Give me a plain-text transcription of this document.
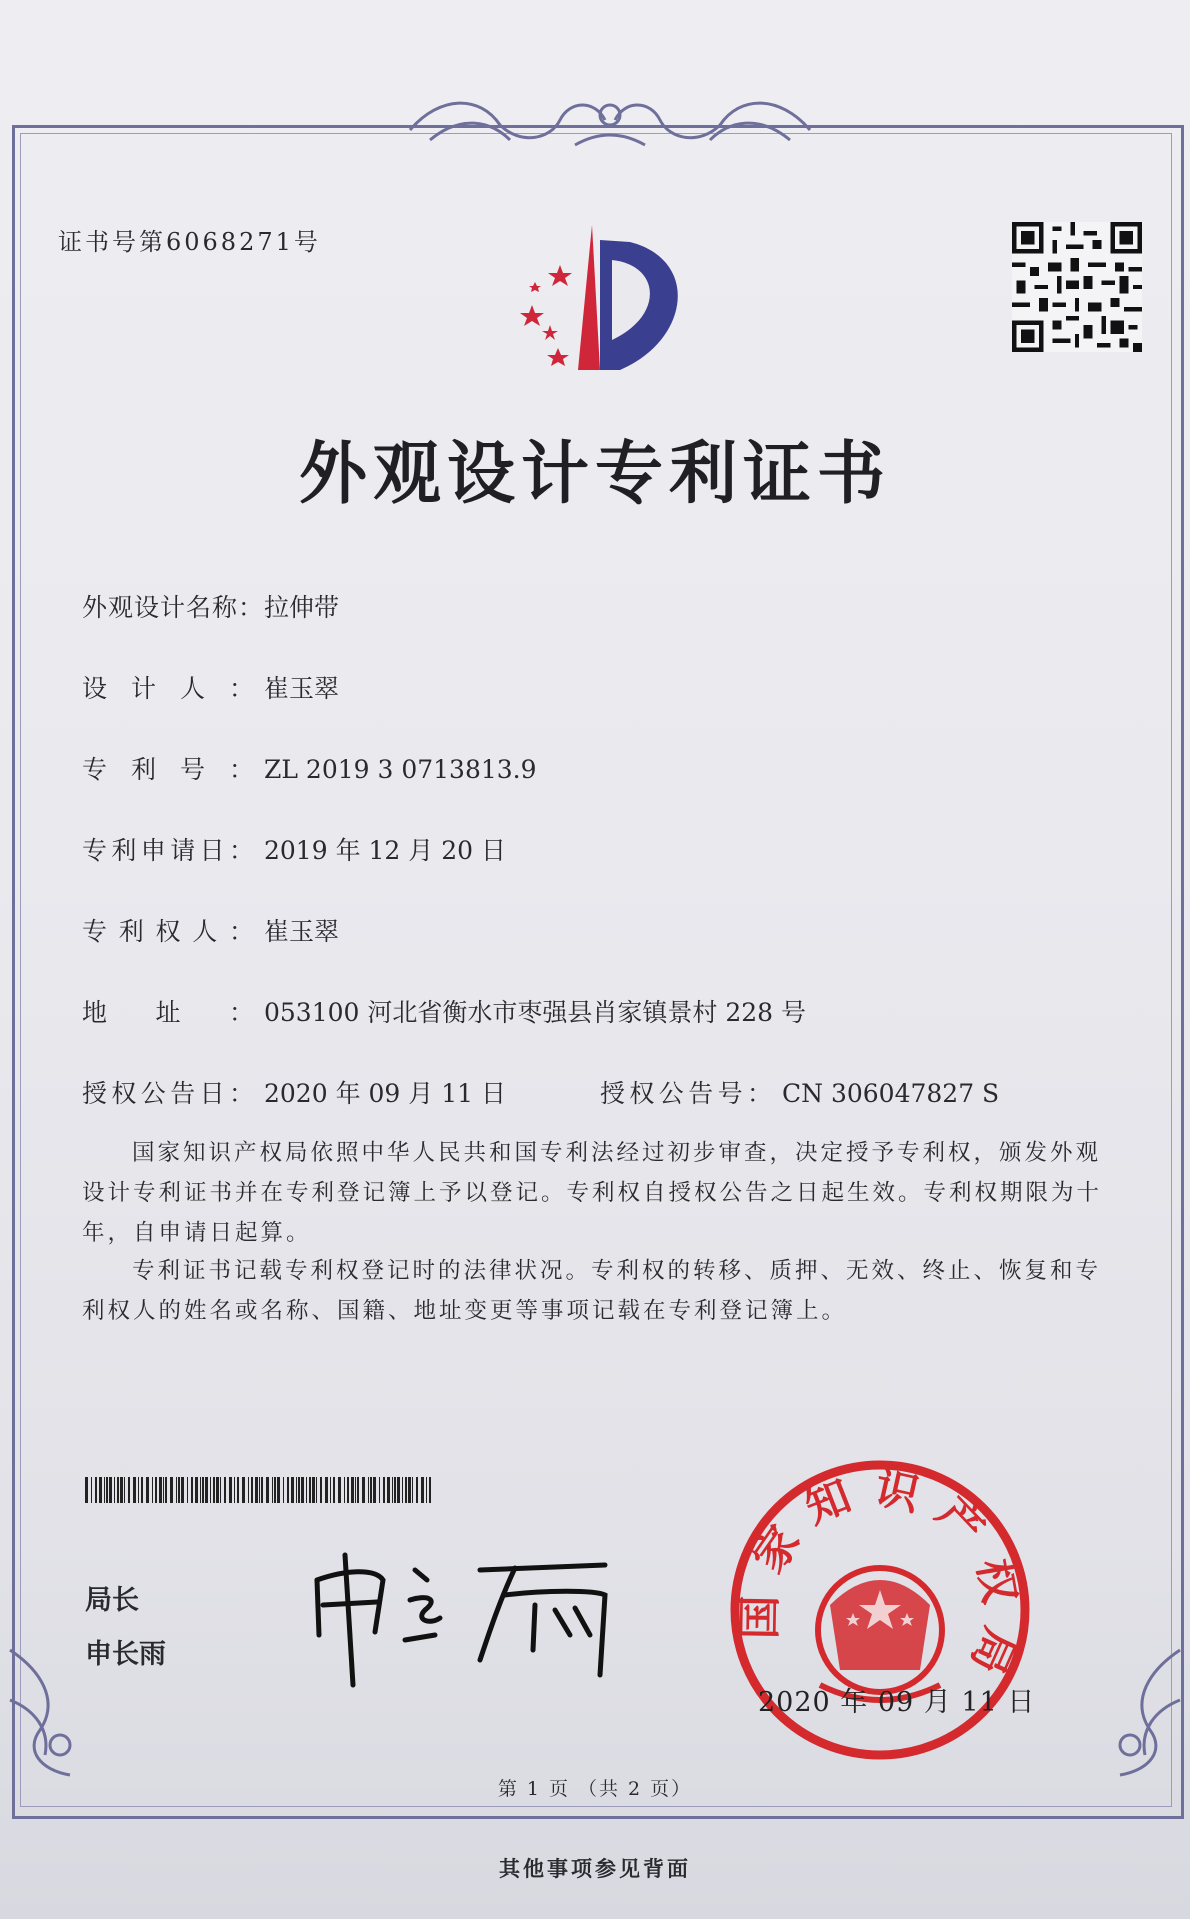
证书号第6068271号
外观设计专利证书
外观设计名称：拉伸带
设计人： 崔玉翠
专利号： ZL 2019 3 0713813.9
专利申请日： 2019 年 12 月 20 日
专利权人： 崔玉翠
地址： 053100 河北省衡水市枣强县肖家镇景村 228 号
授权公告日： 2020 年 09 月 11 日	授权公告号： CN 306047827 S
国家知识产权局依照中华人民共和国专利法经过初步审查，决定授予专利权，颁发外观设计专利证书并在专利登记簿上予以登记。专利权自授权公告之日起生效。专利权期限为十年，自申请日起算。
专利证书记载专利权登记时的法律状况。专利权的转移、质押、无效、终止、恢复和专利权人的姓名或名称、国籍、地址变更等事项记载在专利登记簿上。
局长
申长雨
国家知识产权局
2020 年 09 月 11 日
第 1 页 （共 2 页）
其他事项参见背面
